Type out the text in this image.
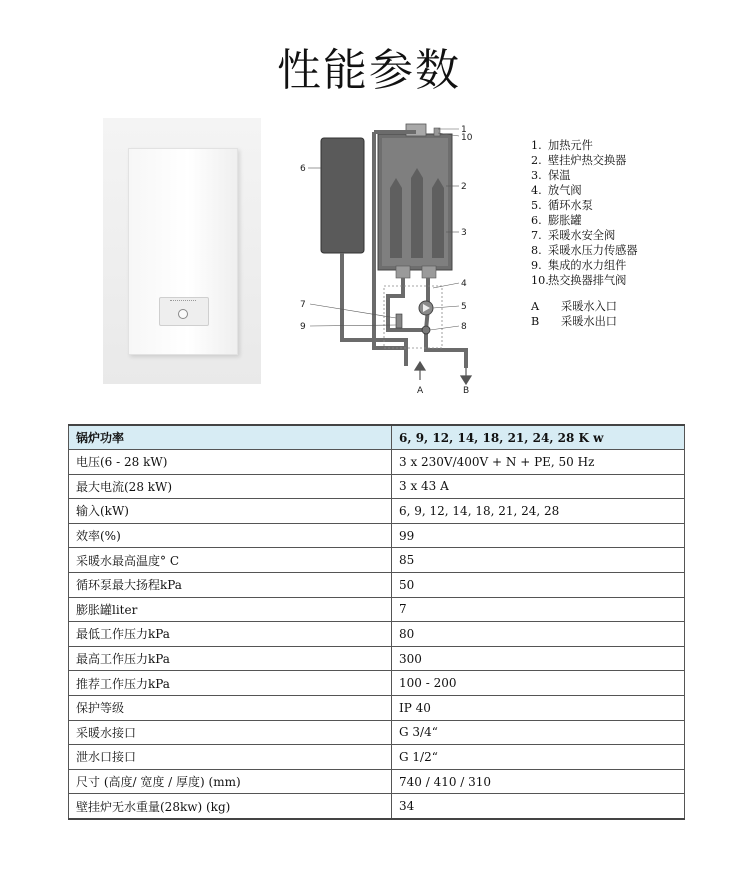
性能参数
1
10
6
2
3
4
5
7
9	8
A	B
1. 加热元件
2. 壁挂炉热交换器
3. 保温
4. 放气阀
5. 循环水泵
6. 膨胀罐
7. 采暖水安全阀
8. 采暖水压力传感器
9. 集成的水力组件
10.热交换器排气阀
A 采暖水入口
B 采暖水出口
锅炉功率	6, 9, 12, 14, 18, 21, 24, 28 K w
电压(6 - 28 kW)	3 x 230V/400V + N + PE, 50 Hz
最大电流(28 kW)	3 x 43 A
输入(kW)	6, 9, 12, 14, 18, 21, 24, 28
效率(%)	99
采暖水最高温度° C	85
循环泵最大扬程kPa	50
膨胀罐liter	7
最低工作压力kPa	80
最高工作压力kPa	300
推荐工作压力kPa	100 - 200
保护等级	IP 40
采暖水接口	G 3/4“
泄水口接口	G 1/2“
尺寸 (高度/ 宽度 / 厚度) (mm)	740 / 410 / 310
壁挂炉无水重量(28kw) (kg)	34
